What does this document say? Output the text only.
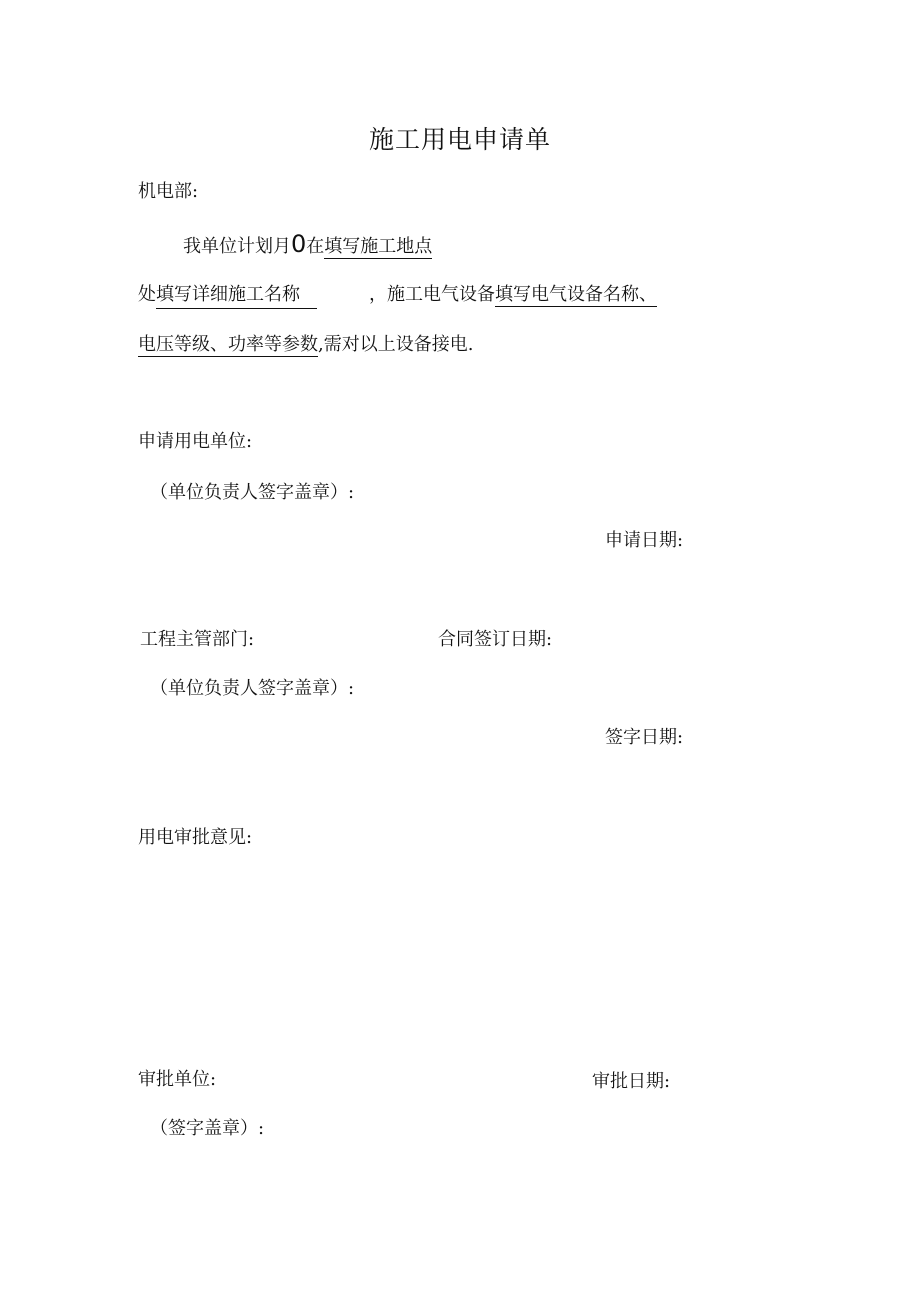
施工用电申请单
机电部:
我单位计划月0在填写施工地点
处填写详细施工名称	，施工电气设备填写电气设备名称、
电压等级、功率等参数,需对以上设备接电.
申请用电单位:
（单位负责人签字盖章）:
申请日期:
工程主管部门:	合同签订日期:
（单位负责人签字盖章）:
签字日期:
用电审批意见:
审批单位:	审批日期:
（签字盖章）:
